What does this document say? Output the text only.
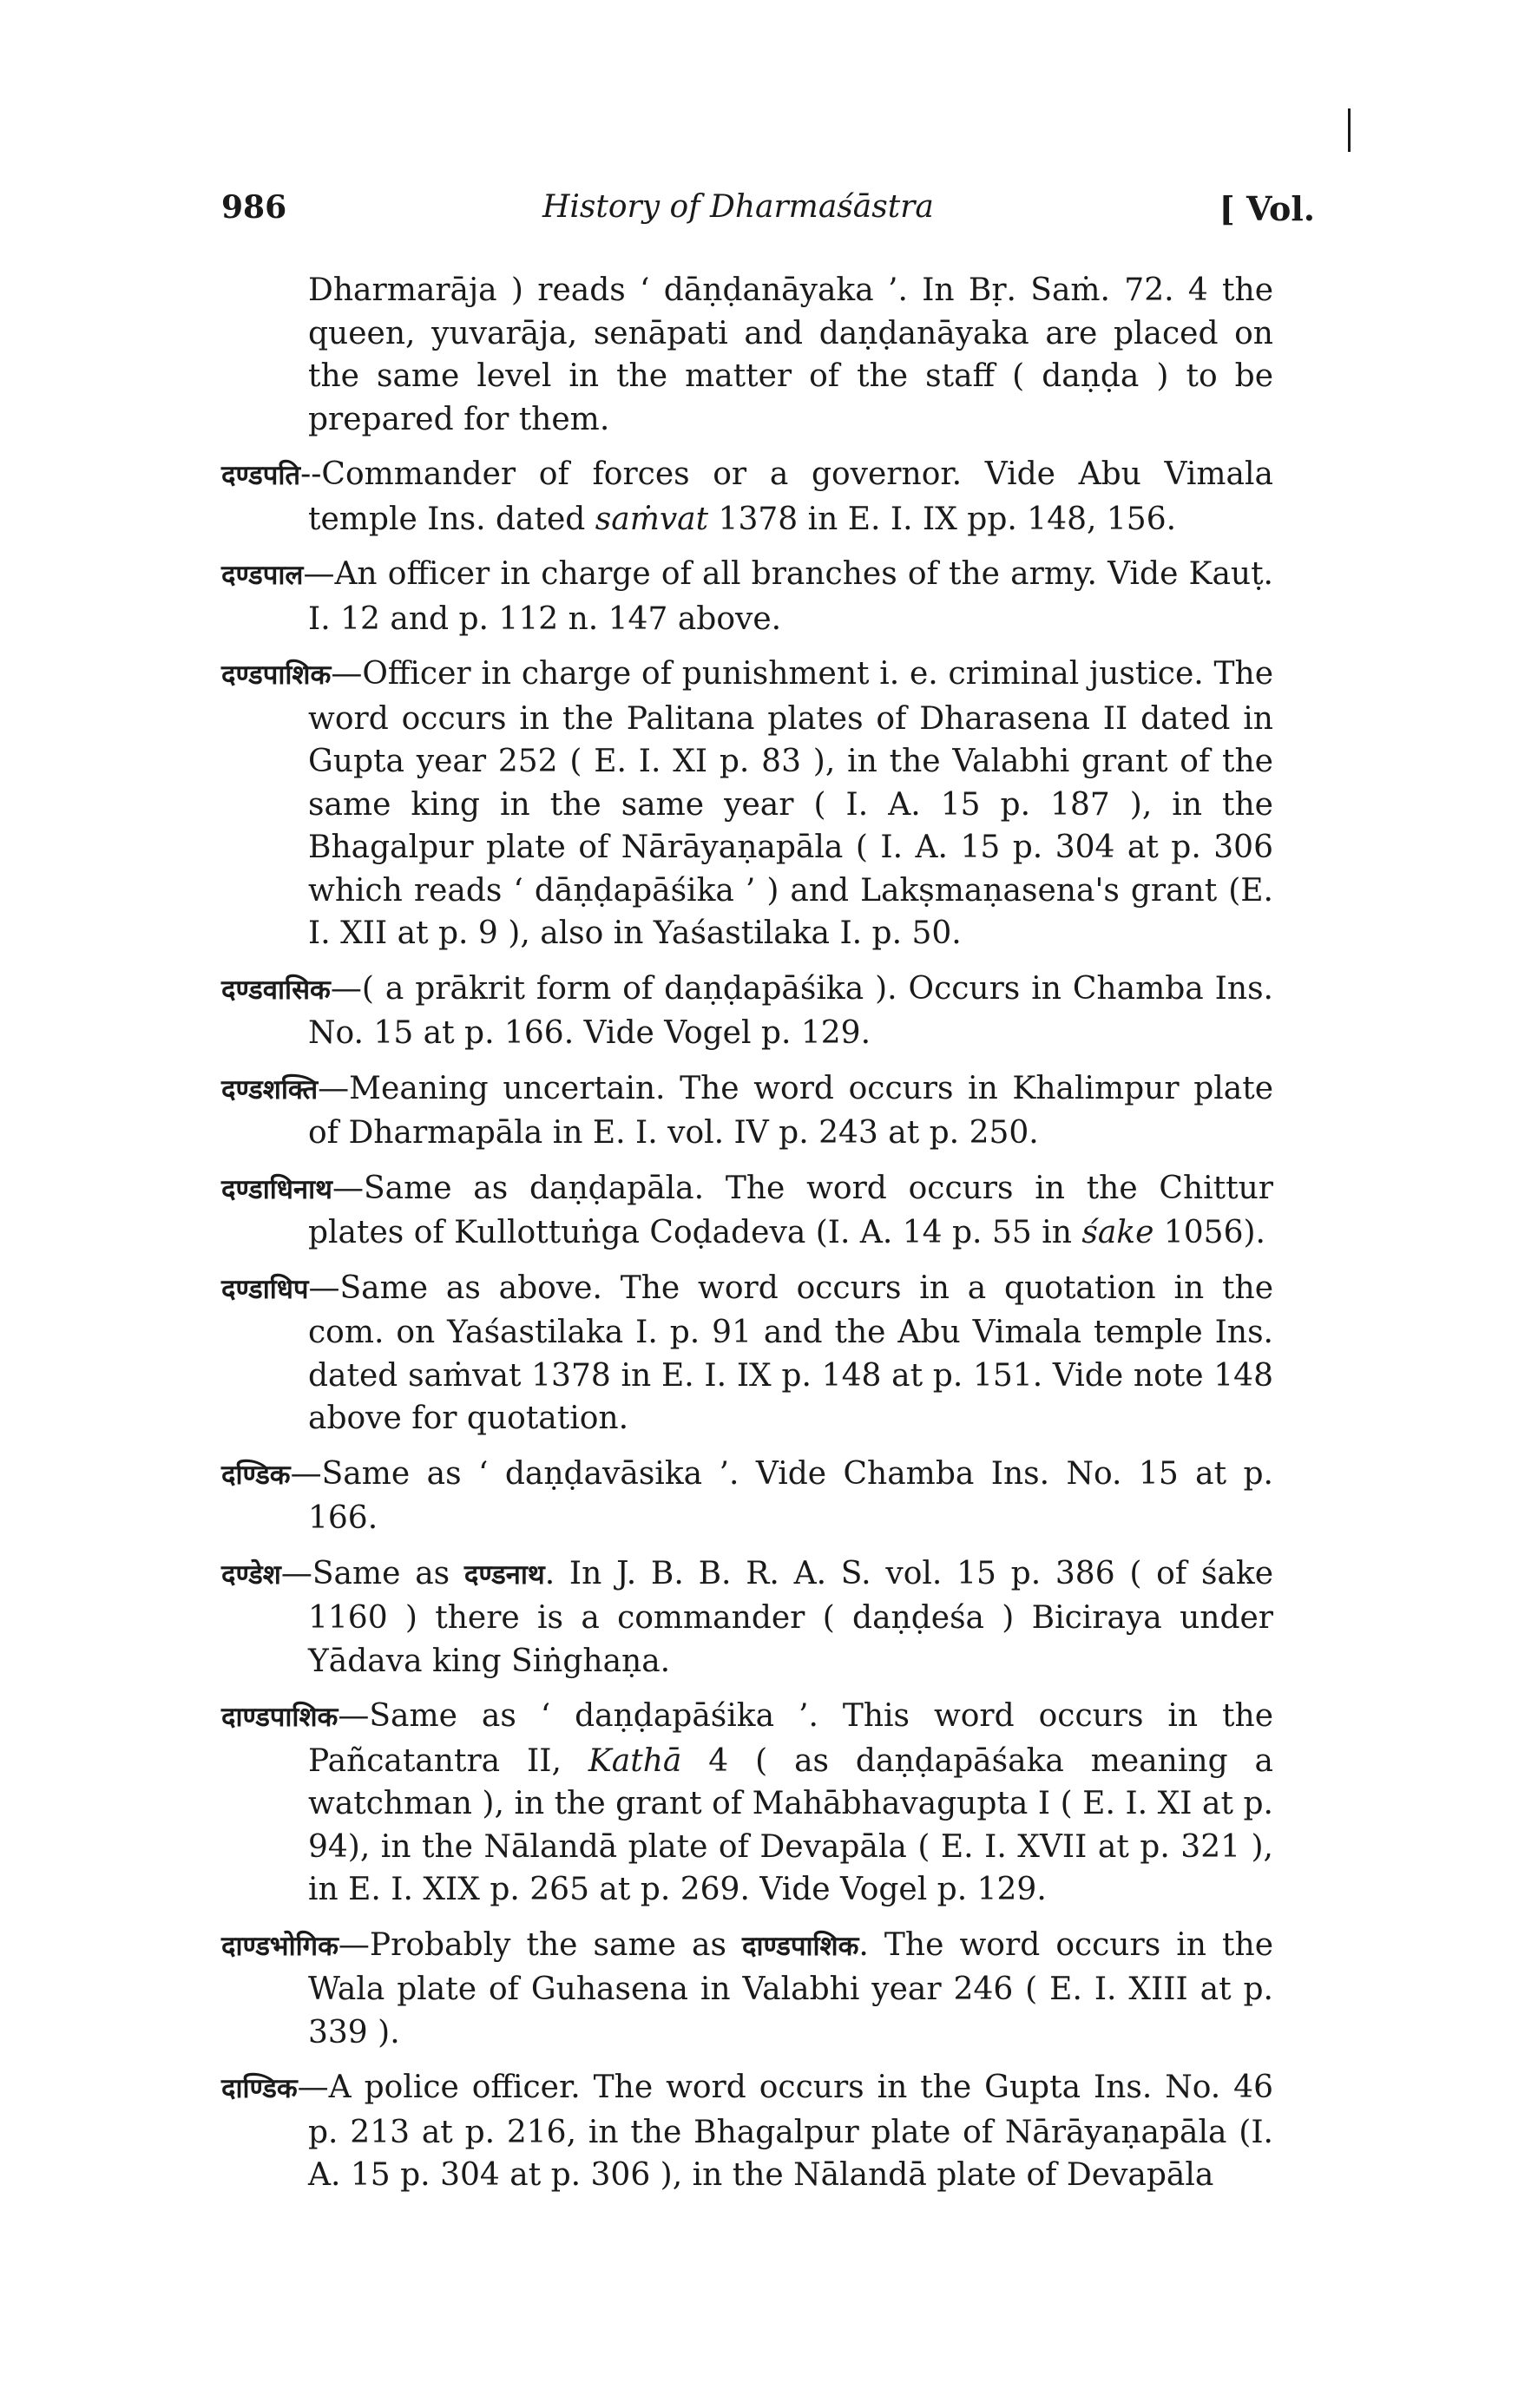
986	History of Dharmaśāstra	[ Vol.

Dharmarāja ) reads ‘ dāṇḍanāyaka ’. In Bṛ. Saṁ. 72. 4 the queen, yuvarāja, senāpati and daṇḍanāyaka are placed on the same level in the matter of the staff ( daṇḍa ) to be prepared for them.

दण्डपति--Commander of forces or a governor. Vide Abu Vimala temple Ins. dated saṁvat 1378 in E. I. IX pp. 148, 156.

दण्डपाल—An officer in charge of all branches of the army. Vide Kauṭ. I. 12 and p. 112 n. 147 above.

दण्डपाशिक—Officer in charge of punishment i. e. criminal justice. The word occurs in the Palitana plates of Dharasena II dated in Gupta year 252 ( E. I. XI p. 83 ), in the Valabhi grant of the same king in the same year ( I. A. 15 p. 187 ), in the Bhagalpur plate of Nārāyaṇapāla ( I. A. 15 p. 304 at p. 306 which reads ‘ dāṇḍapāśika ’ ) and Lakṣmaṇasena's grant (E. I. XII at p. 9 ), also in Yaśastilaka I. p. 50.

दण्डवासिक—( a prākrit form of daṇḍapāśika ). Occurs in Chamba Ins. No. 15 at p. 166. Vide Vogel p. 129.

दण्डशक्ति—Meaning uncertain. The word occurs in Khalimpur plate of Dharmapāla in E. I. vol. IV p. 243 at p. 250.

दण्डाधिनाथ—Same as daṇḍapāla. The word occurs in the Chittur plates of Kullottuṅga Coḍadeva (I. A. 14 p. 55 in śake 1056).

दण्डाधिप—Same as above. The word occurs in a quotation in the com. on Yaśastilaka I. p. 91 and the Abu Vimala temple Ins. dated saṁvat 1378 in E. I. IX p. 148 at p. 151. Vide note 148 above for quotation.

दण्डिक—Same as ‘ daṇḍavāsika ’. Vide Chamba Ins. No. 15 at p. 166.

दण्डेश—Same as दण्डनाथ. In J. B. B. R. A. S. vol. 15 p. 386 ( of śake 1160 ) there is a commander ( daṇḍeśa ) Biciraya under Yādava king Siṅghaṇa.

दाण्डपाशिक—Same as ‘ daṇḍapāśika ’. This word occurs in the Pañcatantra II, Kathā 4 ( as daṇḍapāśaka meaning a watchman ), in the grant of Mahābhavagupta I ( E. I. XI at p. 94), in the Nālandā plate of Devapāla ( E. I. XVII at p. 321 ), in E. I. XIX p. 265 at p. 269. Vide Vogel p. 129.

दाण्डभोगिक—Probably the same as दाण्डपाशिक. The word occurs in the Wala plate of Guhasena in Valabhi year 246 ( E. I. XIII at p. 339 ).

दाण्डिक—A police officer. The word occurs in the Gupta Ins. No. 46 p. 213 at p. 216, in the Bhagalpur plate of Nārāyaṇapāla (I. A. 15 p. 304 at p. 306 ), in the Nālandā plate of Devapāla
